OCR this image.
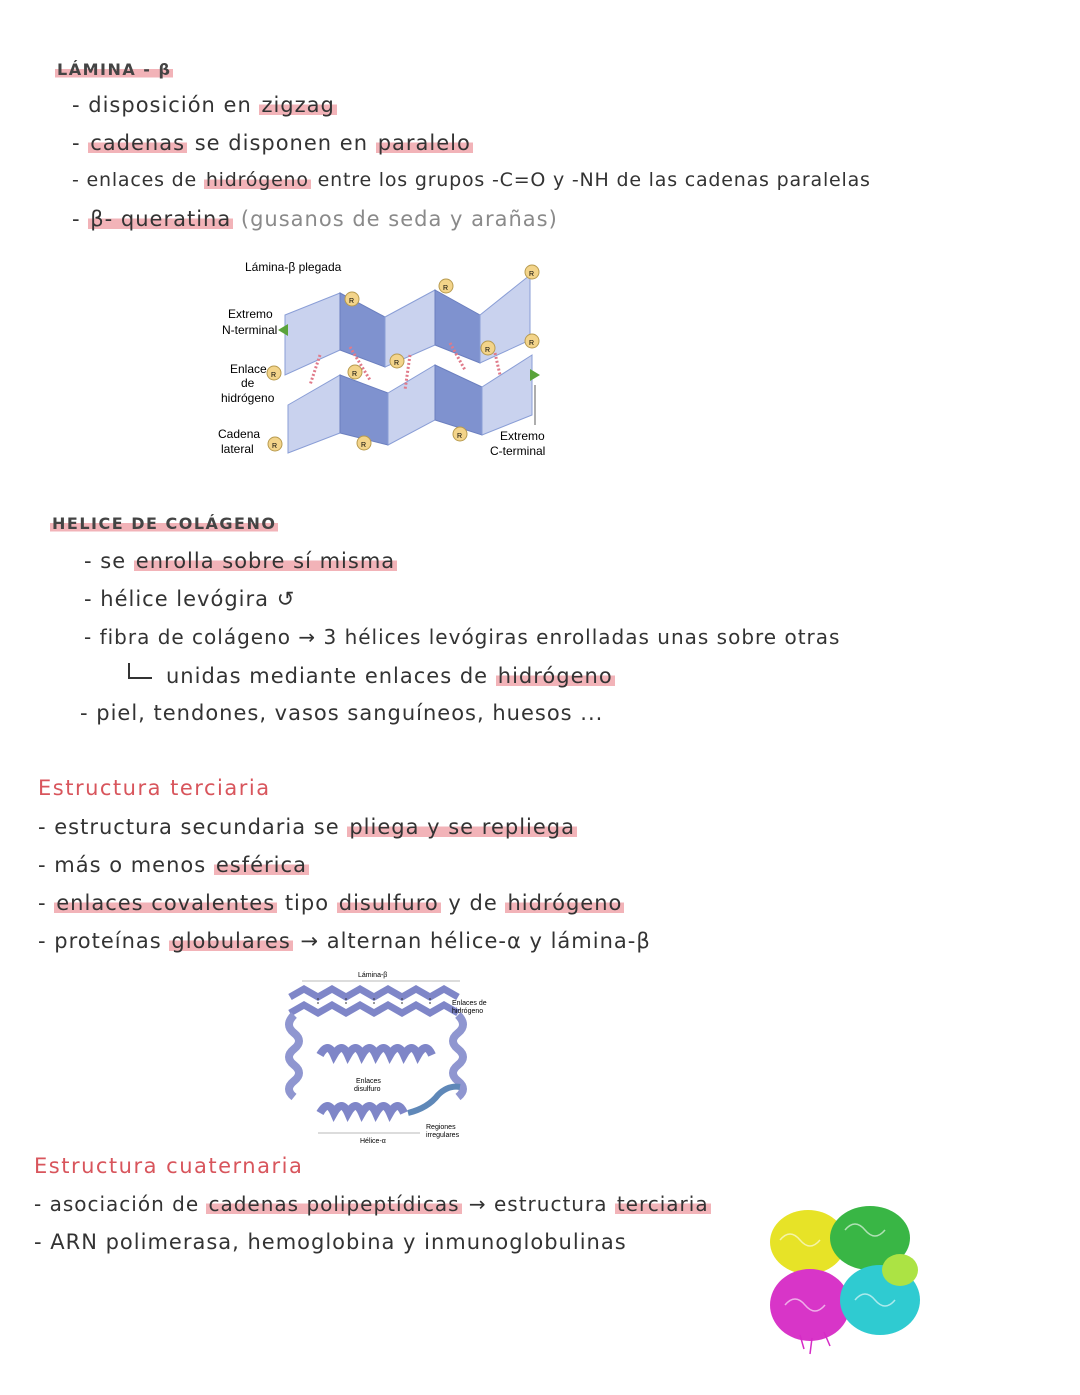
LÁMINA - β
- disposición en zigzag
- cadenas se disponen en paralelo
- enlaces de hidrógeno entre los grupos -C=O y -NH de las cadenas paralelas
- β- queratina (gusanos de seda y arañas)
Lámina-β plegada
R
R
R
R
R
R
R
R
R	R
R
Extremo
N-terminal
Enlace
de
hidrógeno
Cadena
lateral
Extremo
C-terminal
HELICE DE COLÁGENO
- se enrolla sobre sí misma
- hélice levógira ↺
- fibra de colágeno → 3 hélices levógiras enrolladas unas sobre otras
unidas mediante enlaces de hidrógeno
- piel, tendones, vasos sanguíneos, huesos ...
Estructura terciaria
- estructura secundaria se pliega y se repliega
- más o menos esférica
- enlaces covalentes tipo disulfuro y de hidrógeno
- proteínas globulares → alternan hélice-α y lámina-β
Lámina-β
Enlaces de
hidrógeno
Enlaces
disulfuro
Regiones
irregulares
Hélice-α
Estructura cuaternaria
- asociación de cadenas polipeptídicas → estructura terciaria
- ARN polimerasa, hemoglobina y inmunoglobulinas
